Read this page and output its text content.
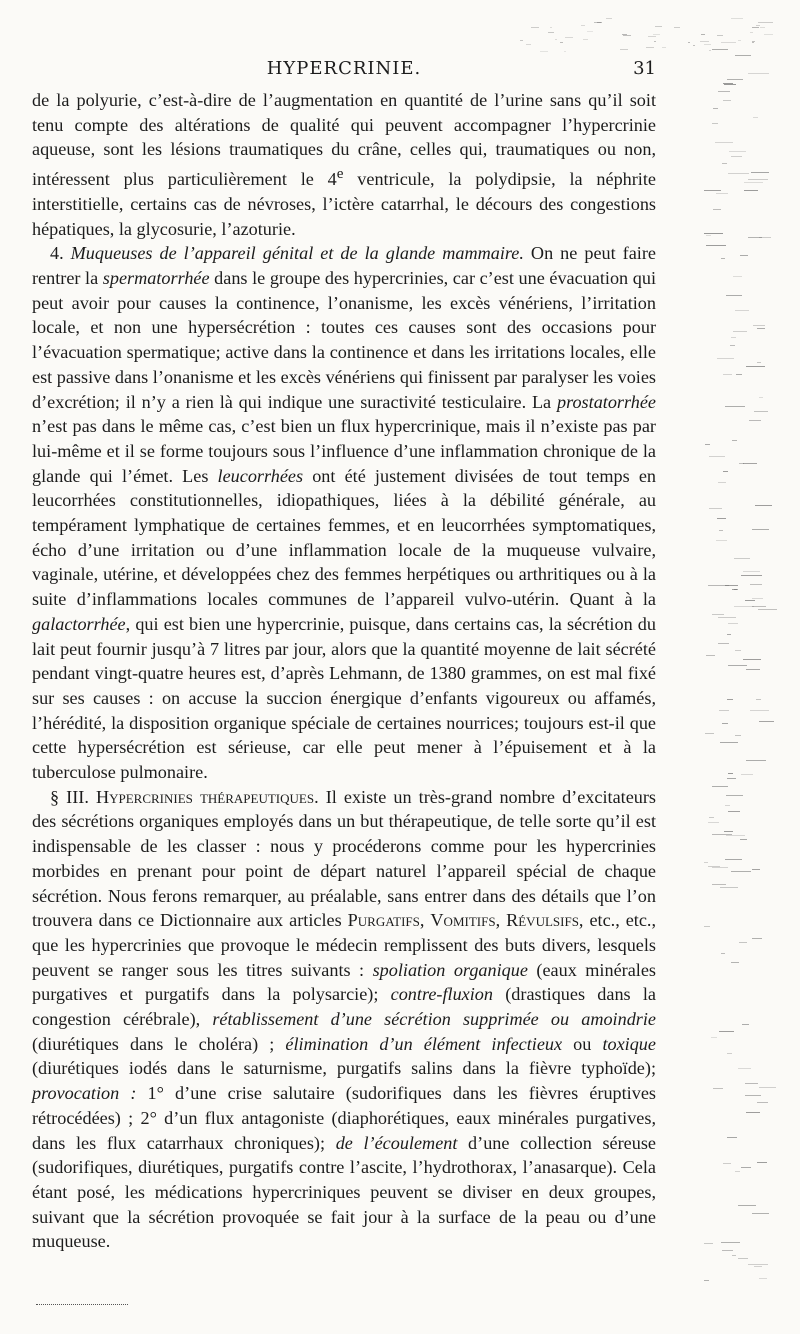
HYPERCRINIE.	31

de la polyurie, c’est-à-dire de l’augmentation en quantité de l’urine sans qu’il soit tenu compte des altérations de qualité qui peuvent accompagner l’hypercrinie aqueuse, sont les lésions traumatiques du crâne, celles qui, traumatiques ou non, intéressent plus particulièrement le 4e ventricule, la polydipsie, la néphrite interstitielle, certains cas de névroses, l’ictère catarrhal, le décours des congestions hépatiques, la glycosurie, l’azoturie.

4. Muqueuses de l’appareil génital et de la glande mammaire. On ne peut faire rentrer la spermatorrhée dans le groupe des hypercrinies, car c’est une évacuation qui peut avoir pour causes la continence, l’onanisme, les excès vénériens, l’irritation locale, et non une hypersécrétion : toutes ces causes sont des occasions pour l’évacuation spermatique; active dans la continence et dans les irritations locales, elle est passive dans l’onanisme et les excès vénériens qui finissent par paralyser les voies d’excrétion; il n’y a rien là qui indique une suractivité testiculaire. La prostatorrhée n’est pas dans le même cas, c’est bien un flux hypercrinique, mais il n’existe pas par lui-même et il se forme toujours sous l’influence d’une inflammation chronique de la glande qui l’émet. Les leucorrhées ont été justement divisées de tout temps en leucorrhées constitutionnelles, idiopathiques, liées à la débilité générale, au tempérament lymphatique de certaines femmes, et en leucorrhées symptomatiques, écho d’une irritation ou d’une inflammation locale de la muqueuse vulvaire, vaginale, utérine, et développées chez des femmes herpétiques ou arthritiques ou à la suite d’inflammations locales communes de l’appareil vulvo-utérin. Quant à la galactorrhée, qui est bien une hypercrinie, puisque, dans certains cas, la sécrétion du lait peut fournir jusqu’à 7 litres par jour, alors que la quantité moyenne de lait sécrété pendant vingt-quatre heures est, d’après Lehmann, de 1380 grammes, on est mal fixé sur ses causes : on accuse la succion énergique d’enfants vigoureux ou affamés, l’hérédité, la disposition organique spéciale de certaines nourrices; toujours est-il que cette hypersécrétion est sérieuse, car elle peut mener à l’épuisement et à la tuberculose pulmonaire.

§ III. Hypercrinies thérapeutiques. Il existe un très-grand nombre d’excitateurs des sécrétions organiques employés dans un but thérapeutique, de telle sorte qu’il est indispensable de les classer : nous y procéderons comme pour les hypercrinies morbides en prenant pour point de départ naturel l’appareil spécial de chaque sécrétion. Nous ferons remarquer, au préalable, sans entrer dans des détails que l’on trouvera dans ce Dictionnaire aux articles Purgatifs, Vomitifs, Révulsifs, etc., etc., que les hypercrinies que provoque le médecin remplissent des buts divers, lesquels peuvent se ranger sous les titres suivants : spoliation organique (eaux minérales purgatives et purgatifs dans la polysarcie); contre-fluxion (drastiques dans la congestion cérébrale), rétablissement d’une sécrétion supprimée ou amoindrie (diurétiques dans le choléra) ; élimination d’un élément infectieux ou toxique (diurétiques iodés dans le saturnisme, purgatifs salins dans la fièvre typhoïde); provocation : 1° d’une crise salutaire (sudorifiques dans les fièvres éruptives rétrocédées) ; 2° d’un flux antagoniste (diaphorétiques, eaux minérales purgatives, dans les flux catarrhaux chroniques); de l’écoulement d’une collection séreuse (sudorifiques, diurétiques, purgatifs contre l’ascite, l’hydrothorax, l’anasarque). Cela étant posé, les médications hypercriniques peuvent se diviser en deux groupes, suivant que la sécrétion provoquée se fait jour à la surface de la peau ou d’une muqueuse.
